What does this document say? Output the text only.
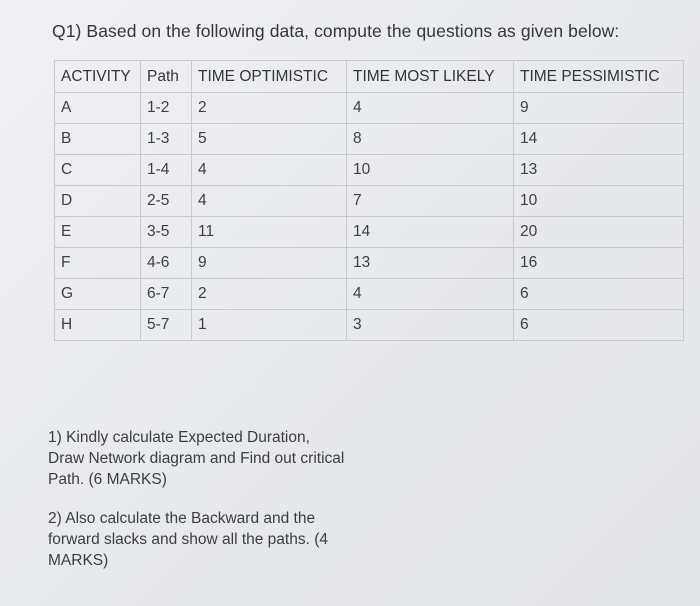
Q1) Based on the following data, compute the questions as given below:
ACTIVITY	Path	TIME OPTIMISTIC	TIME MOST LIKELY	TIME PESSIMISTIC
A	1-2	2	4	9
B	1-3	5	8	14
C	1-4	4	10	13
D	2-5	4	7	10
E	3-5	11	14	20
F	4-6	9	13	16
G	6-7	2	4	6
H	5-7	1	3	6

1) Kindly calculate Expected Duration, Draw Network diagram and Find out critical Path. (6 MARKS)

2) Also calculate the Backward and the forward slacks and show all the paths. (4 MARKS)
